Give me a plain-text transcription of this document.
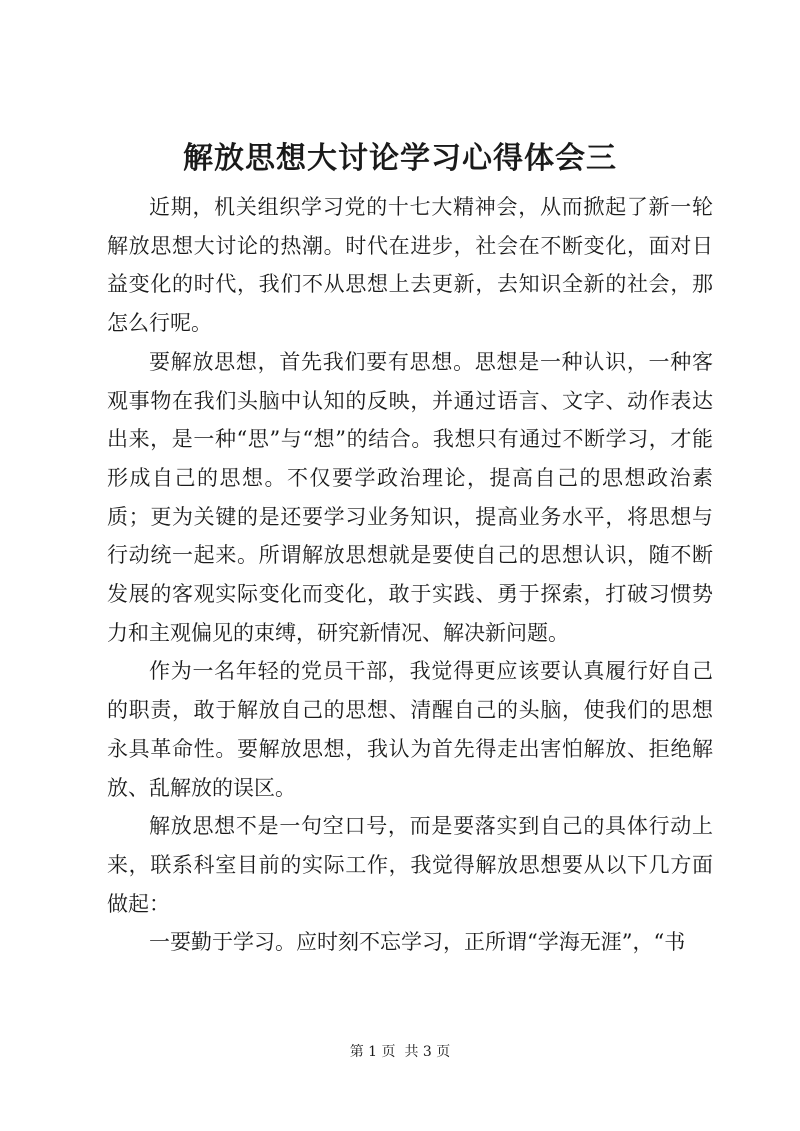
解放思想大讨论学习心得体会三

近期，机关组织学习党的十七大精神会，从而掀起了新一轮解放思想大讨论的热潮。时代在进步，社会在不断变化，面对日益变化的时代，我们不从思想上去更新，去知识全新的社会，那怎么行呢。

要解放思想，首先我们要有思想。思想是一种认识，一种客观事物在我们头脑中认知的反映，并通过语言、文字、动作表达出来，是一种“思”与“想”的结合。我想只有通过不断学习，才能形成自己的思想。不仅要学政治理论，提高自己的思想政治素质；更为关键的是还要学习业务知识，提高业务水平，将思想与行动统一起来。所谓解放思想就是要使自己的思想认识，随不断发展的客观实际变化而变化，敢于实践、勇于探索，打破习惯势力和主观偏见的束缚，研究新情况、解决新问题。

作为一名年轻的党员干部，我觉得更应该要认真履行好自己的职责，敢于解放自己的思想、清醒自己的头脑，使我们的思想永具革命性。要解放思想，我认为首先得走出害怕解放、拒绝解放、乱解放的误区。

解放思想不是一句空口号，而是要落实到自己的具体行动上来，联系科室目前的实际工作，我觉得解放思想要从以下几方面做起：

一要勤于学习。应时刻不忘学习，正所谓“学海无涯”，“书

第 1 页  共 3 页
